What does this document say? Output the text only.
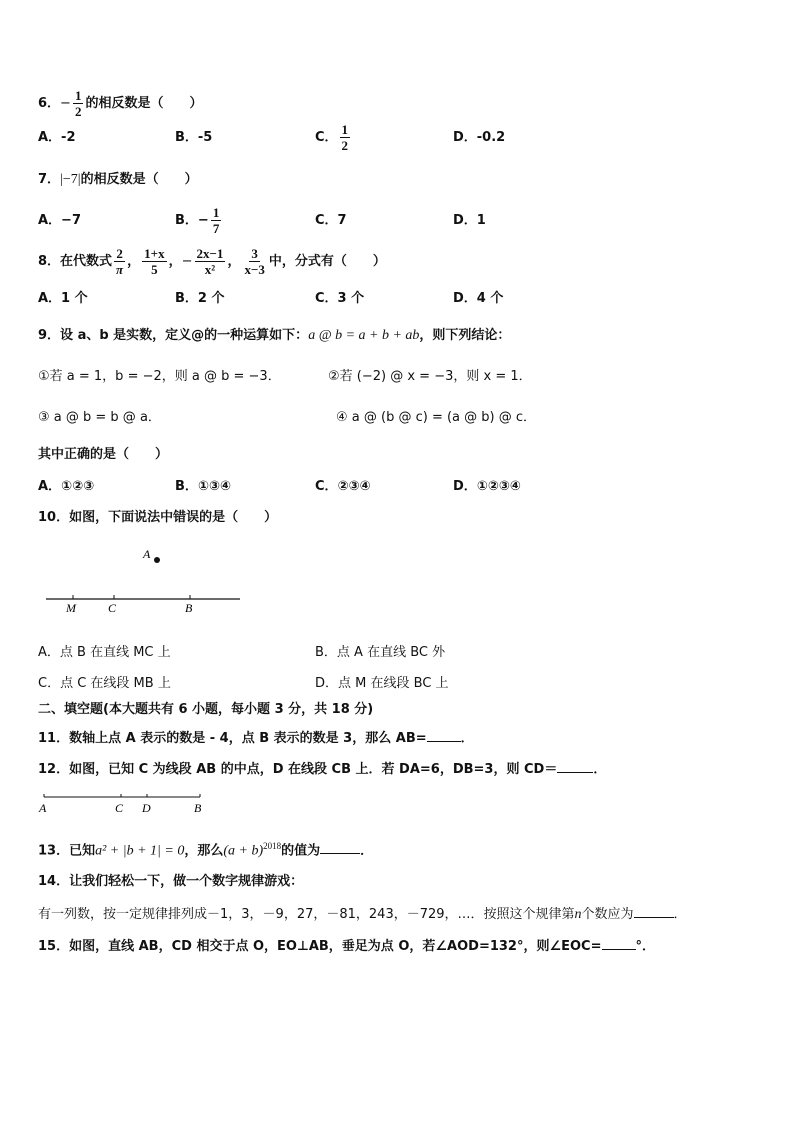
6．− $\frac{1}{2}$ 的相反数是（　　）
A．-2	B．-5	C． $\frac{1}{2}$	D．-0.2
7．|−7|的相反数是（　　）
A．−7	B．− $\frac{1}{7}$	C．7	D．1
8．在代数式 $\frac{2}{\pi}$ ， $\frac{1+x}{5}$ ，− $\frac{2x-1}{\text{x²}}$ ， $\frac{3}{x-3}$ 中，分式有（　　）
A．1 个	B．2 个	C．3 个	D．4 个
9．设 a、b 是实数，定义@的一种运算如下：a @ b = a + b + ab，则下列结论：
①若 a = 1，b = −2，则 a @ b = −3．	②若 (−2) @ x = −3，则 x = 1．
③ a @ b = b @ a．	④ a @ (b @ c) = (a @ b) @ c．
其中正确的是（　　）
A．①②③	B．①③④	C．②③④	D．①②③④
10．如图，下面说法中错误的是（　　）
A
M	C	B
A．点 B 在直线 MC 上	B．点 A 在直线 BC 外
C．点 C 在线段 MB 上	D．点 M 在线段 BC 上
二、填空题(本大题共有 6 小题，每小题 3 分，共 18 分)
11．数轴上点 A 表示的数是 - 4，点 B 表示的数是 3，那么 AB=	．
12．如图，已知 C 为线段 AB 的中点，D 在线段 CB 上．若 DA=6，DB=3，则 CD＝	．
A	C D	B
13．已知a² + |b + 1| = 0，那么$(a + b)^{2018}$的值为	．
14．让我们轻松一下，做一个数字规律游戏：
有一列数，按一定规律排列成－1，3，－9，27，－81，243，－729，…．按照这个规律第n个数应为	．
15．如图，直线 AB，CD 相交于点 O，EO⊥AB，垂足为点 O，若∠AOD=132°，则∠EOC=	°．
